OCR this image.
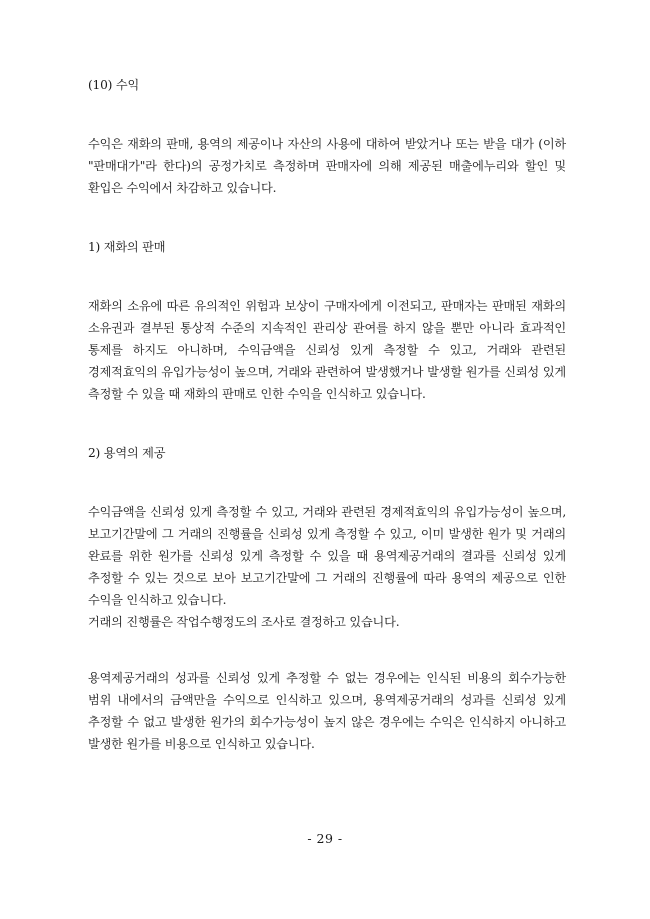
(10) 수익

수익은 재화의 판매, 용역의 제공이나 자산의 사용에 대하여 받았거나 또는 받을 대가 (이하 "판매대가"라 한다)의 공정가치로 측정하며 판매자에 의해 제공된 매출에누리와 할인 및 환입은 수익에서 차감하고 있습니다.

1) 재화의 판매

재화의 소유에 따른 유의적인 위험과 보상이 구매자에게 이전되고, 판매자는 판매된 재화의 소유권과 결부된 통상적 수준의 지속적인 관리상 관여를 하지 않을 뿐만 아니라 효과적인 통제를 하지도 아니하며, 수익금액을 신뢰성 있게 측정할 수 있고, 거래와 관련된 경제적효익의 유입가능성이 높으며, 거래와 관련하여 발생했거나 발생할 원가를 신뢰성 있게 측정할 수 있을 때 재화의 판매로 인한 수익을 인식하고 있습니다.

2) 용역의 제공

수익금액을 신뢰성 있게 측정할 수 있고, 거래와 관련된 경제적효익의 유입가능성이 높으며, 보고기간말에 그 거래의 진행률을 신뢰성 있게 측정할 수 있고, 이미 발생한 원가 및 거래의 완료를 위한 원가를 신뢰성 있게 측정할 수 있을 때 용역제공거래의 결과를 신뢰성 있게 추정할 수 있는 것으로 보아 보고기간말에 그 거래의 진행률에 따라 용역의 제공으로 인한 수익을 인식하고 있습니다.

거래의 진행률은 작업수행정도의 조사로 결정하고 있습니다.

용역제공거래의 성과를 신뢰성 있게 추정할 수 없는 경우에는 인식된 비용의 회수가능한 범위 내에서의 금액만을 수익으로 인식하고 있으며, 용역제공거래의 성과를 신뢰성 있게 추정할 수 없고 발생한 원가의 회수가능성이 높지 않은 경우에는 수익은 인식하지 아니하고 발생한 원가를 비용으로 인식하고 있습니다.

- 29 -
